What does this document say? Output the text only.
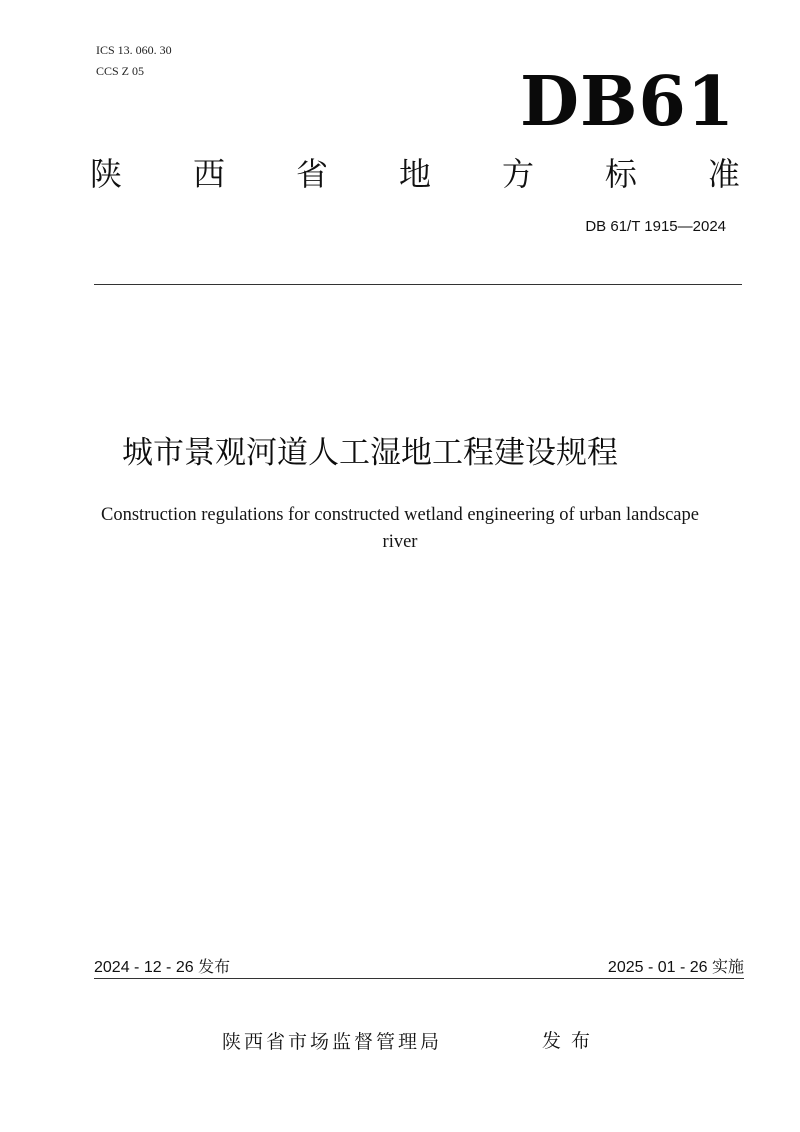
ICS 13. 060. 30
CCS Z 05	DB61
陕 西 省 地 方 标 准
DB 61/T 1915—2024
城市景观河道人工湿地工程建设规程
Construction regulations for constructed wetland engineering of urban landscape
river
2024 - 12 - 26 发布	2025 - 01 - 26 实施
陕西省市场监督管理局	发布
